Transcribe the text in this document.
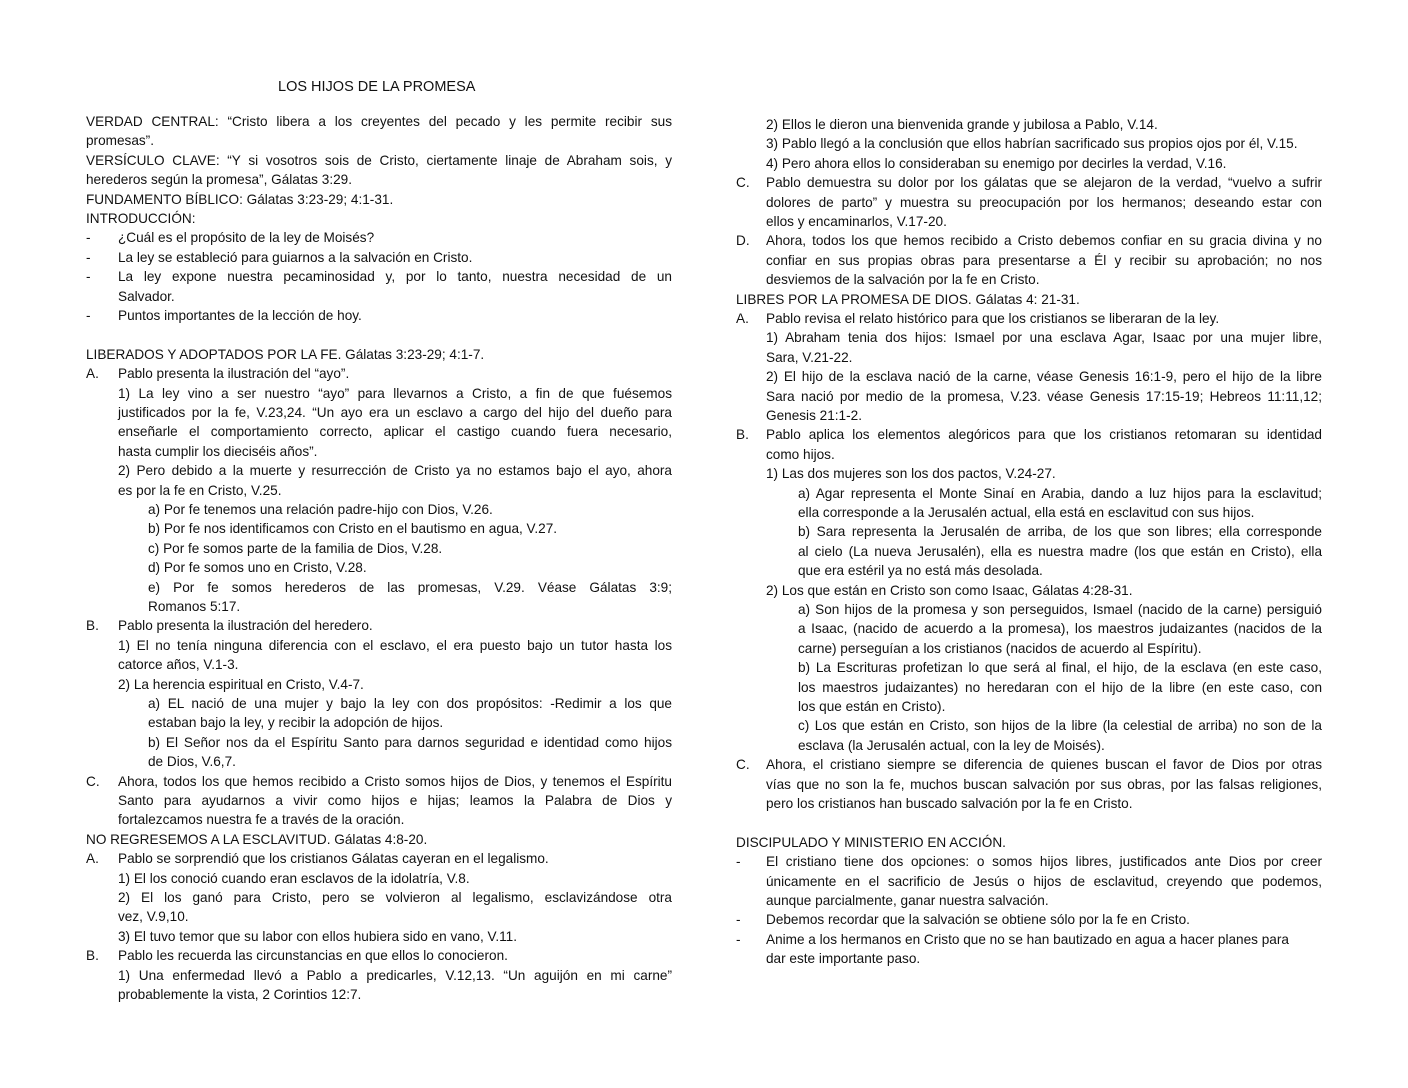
LOS HIJOS DE LA PROMESA
VERDAD CENTRAL: “Cristo libera a los creyentes del pecado y les permite recibir sus
promesas”.
VERSÍCULO CLAVE: “Y si vosotros sois de Cristo, ciertamente linaje de Abraham sois, y
herederos según la promesa”, Gálatas 3:29.
FUNDAMENTO BÍBLICO: Gálatas 3:23-29; 4:1-31.
INTRODUCCIÓN:
- ¿Cuál es el propósito de la ley de Moisés?
- La ley se estableció para guiarnos a la salvación en Cristo.
- La ley expone nuestra pecaminosidad y, por lo tanto, nuestra necesidad de un
Salvador.
- Puntos importantes de la lección de hoy.
LIBERADOS Y ADOPTADOS POR LA FE. Gálatas 3:23-29; 4:1-7.
A. Pablo presenta la ilustración del “ayo”.
1) La ley vino a ser nuestro “ayo” para llevarnos a Cristo, a fin de que fuésemos
justificados por la fe, V.23,24. “Un ayo era un esclavo a cargo del hijo del dueño para
enseñarle el comportamiento correcto, aplicar el castigo cuando fuera necesario,
hasta cumplir los dieciséis años”.
2) Pero debido a la muerte y resurrección de Cristo ya no estamos bajo el ayo, ahora
es por la fe en Cristo, V.25.
a) Por fe tenemos una relación padre-hijo con Dios, V.26.
b) Por fe nos identificamos con Cristo en el bautismo en agua, V.27.
c) Por fe somos parte de la familia de Dios, V.28.
d) Por fe somos uno en Cristo, V.28.
e) Por fe somos herederos de las promesas, V.29. Véase Gálatas 3:9;
Romanos 5:17.
B. Pablo presenta la ilustración del heredero.
1) El no tenía ninguna diferencia con el esclavo, el era puesto bajo un tutor hasta los
catorce años, V.1-3.
2) La herencia espiritual en Cristo, V.4-7.
a) EL nació de una mujer y bajo la ley con dos propósitos: -Redimir a los que
estaban bajo la ley, y recibir la adopción de hijos.
b) El Señor nos da el Espíritu Santo para darnos seguridad e identidad como hijos
de Dios, V.6,7.
C. Ahora, todos los que hemos recibido a Cristo somos hijos de Dios, y tenemos el Espíritu
Santo para ayudarnos a vivir como hijos e hijas; leamos la Palabra de Dios y
fortalezcamos nuestra fe a través de la oración.
NO REGRESEMOS A LA ESCLAVITUD. Gálatas 4:8-20.
A. Pablo se sorprendió que los cristianos Gálatas cayeran en el legalismo.
1) El los conoció cuando eran esclavos de la idolatría, V.8.
2) El los ganó para Cristo, pero se volvieron al legalismo, esclavizándose otra
vez, V.9,10.
3) El tuvo temor que su labor con ellos hubiera sido en vano, V.11.
B. Pablo les recuerda las circunstancias en que ellos lo conocieron.
1) Una enfermedad llevó a Pablo a predicarles, V.12,13. “Un aguijón en mi carne”
probablemente la vista, 2 Corintios 12:7.
2) Ellos le dieron una bienvenida grande y jubilosa a Pablo, V.14.
3) Pablo llegó a la conclusión que ellos habrían sacrificado sus propios ojos por él, V.15.
4) Pero ahora ellos lo consideraban su enemigo por decirles la verdad, V.16.
C. Pablo demuestra su dolor por los gálatas que se alejaron de la verdad, “vuelvo a sufrir
dolores de parto” y muestra su preocupación por los hermanos; deseando estar con
ellos y encaminarlos, V.17-20.
D. Ahora, todos los que hemos recibido a Cristo debemos confiar en su gracia divina y no
confiar en sus propias obras para presentarse a Él y recibir su aprobación; no nos
desviemos de la salvación por la fe en Cristo.
LIBRES POR LA PROMESA DE DIOS. Gálatas 4: 21-31.
A. Pablo revisa el relato histórico para que los cristianos se liberaran de la ley.
1) Abraham tenia dos hijos: Ismael por una esclava Agar, Isaac por una mujer libre,
Sara, V.21-22.
2) El hijo de la esclava nació de la carne, véase Genesis 16:1-9, pero el hijo de la libre
Sara nació por medio de la promesa, V.23. véase Genesis 17:15-19; Hebreos 11:11,12;
Genesis 21:1-2.
B. Pablo aplica los elementos alegóricos para que los cristianos retomaran su identidad
como hijos.
1) Las dos mujeres son los dos pactos, V.24-27.
a) Agar representa el Monte Sinaí en Arabia, dando a luz hijos para la esclavitud;
ella corresponde a la Jerusalén actual, ella está en esclavitud con sus hijos.
b) Sara representa la Jerusalén de arriba, de los que son libres; ella corresponde
al cielo (La nueva Jerusalén), ella es nuestra madre (los que están en Cristo), ella
que era estéril ya no está más desolada.
2) Los que están en Cristo son como Isaac, Gálatas 4:28-31.
a) Son hijos de la promesa y son perseguidos, Ismael (nacido de la carne) persiguió
a Isaac, (nacido de acuerdo a la promesa), los maestros judaizantes (nacidos de la
carne) perseguían a los cristianos (nacidos de acuerdo al Espíritu).
b) La Escrituras profetizan lo que será al final, el hijo, de la esclava (en este caso,
los maestros judaizantes) no heredaran con el hijo de la libre (en este caso, con
los que están en Cristo).
c) Los que están en Cristo, son hijos de la libre (la celestial de arriba) no son de la
esclava (la Jerusalén actual, con la ley de Moisés).
C. Ahora, el cristiano siempre se diferencia de quienes buscan el favor de Dios por otras
vías que no son la fe, muchos buscan salvación por sus obras, por las falsas religiones,
pero los cristianos han buscado salvación por la fe en Cristo.
DISCIPULADO Y MINISTERIO EN ACCIÓN.
- El cristiano tiene dos opciones: o somos hijos libres, justificados ante Dios por creer
únicamente en el sacrificio de Jesús o hijos de esclavitud, creyendo que podemos,
aunque parcialmente, ganar nuestra salvación.
- Debemos recordar que la salvación se obtiene sólo por la fe en Cristo.
- Anime a los hermanos en Cristo que no se han bautizado en agua a hacer planes para
dar este importante paso.
